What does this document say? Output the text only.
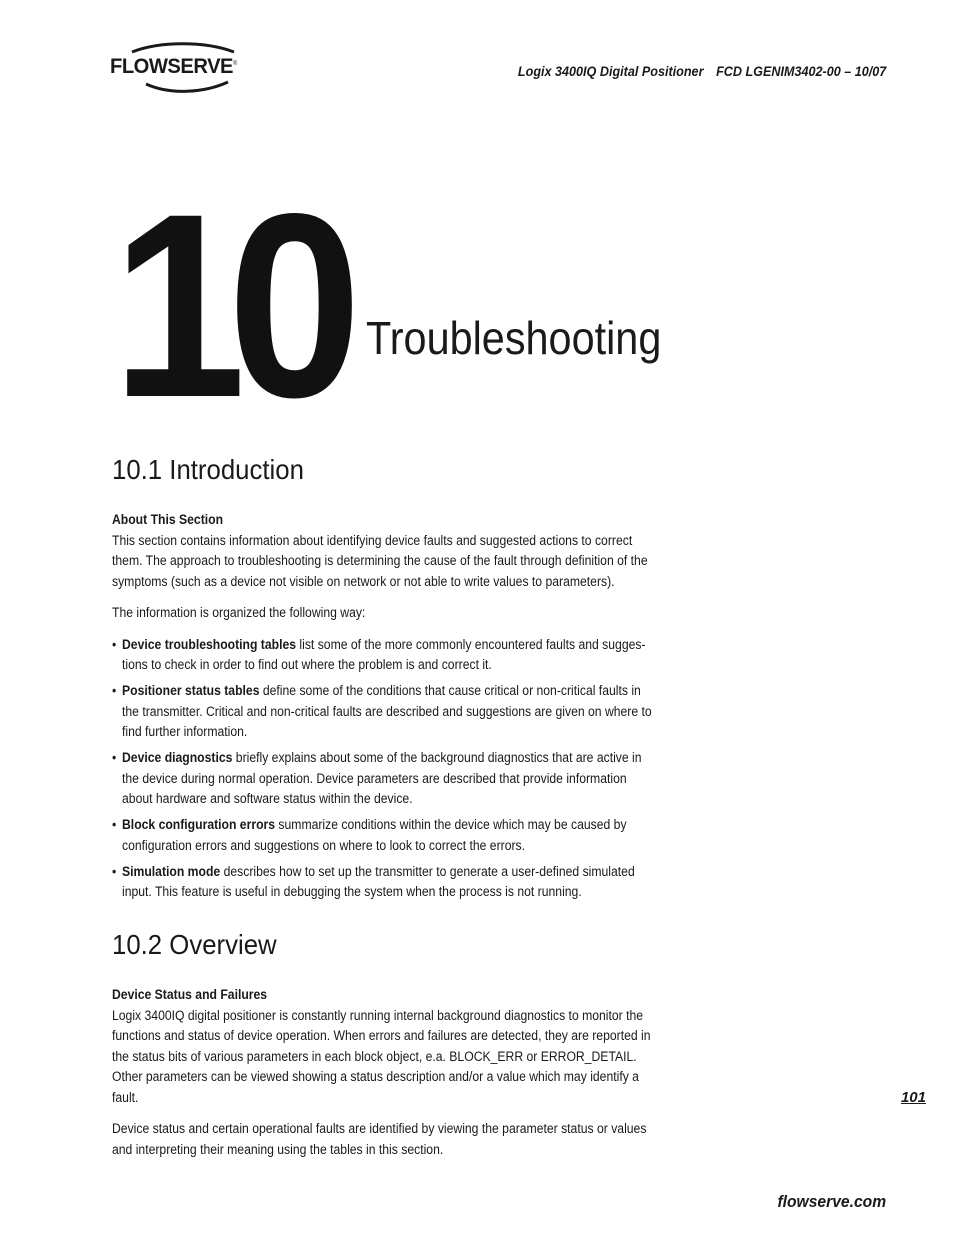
FLOWSERVE®	Logix 3400IQ Digital Positioner FCD LGENIM3402-00 – 10/07
10 Troubleshooting
10.1 Introduction
About This Section

This section contains information about identifying device faults and suggested actions to correct them. The approach to troubleshooting is determining the cause of the fault through definition of the symptoms (such as a device not visible on network or not able to write values to parameters).

The information is organized the following way:

• Device troubleshooting tables list some of the more commonly encountered faults and sugges-tions to check in order to find out where the problem is and correct it.
• Positioner status tables define some of the conditions that cause critical or non-critical faults in the transmitter. Critical and non-critical faults are described and suggestions are given on where to find further information.
• Device diagnostics briefly explains about some of the background diagnostics that are active in the device during normal operation. Device parameters are described that provide information about hardware and software status within the device.
• Block configuration errors summarize conditions within the device which may be caused by configuration errors and suggestions on where to look to correct the errors.
• Simulation mode describes how to set up the transmitter to generate a user-defined simulated input. This feature is useful in debugging the system when the process is not running.
10.2 Overview
Device Status and Failures

Logix 3400IQ digital positioner is constantly running internal background diagnostics to monitor the functions and status of device operation. When errors and failures are detected, they are reported in the status bits of various parameters in each block object, e.a. BLOCK_ERR or ERROR_DETAIL. Other parameters can be viewed showing a status description and/or a value which may identify a fault.

Device status and certain operational faults are identified by viewing the parameter status or values and interpreting their meaning using the tables in this section.

101
flowserve.com
